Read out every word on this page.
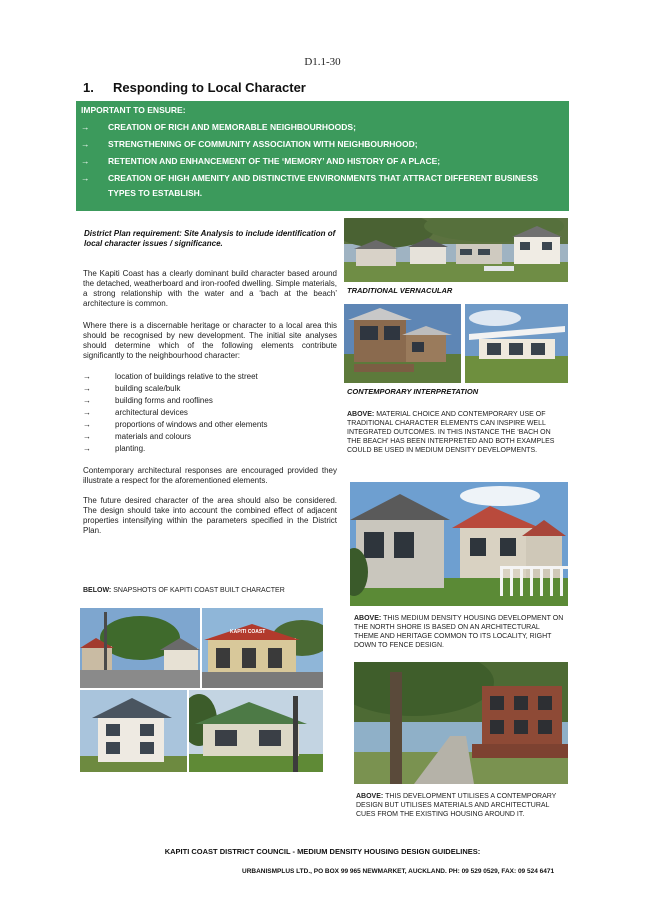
D1.1-30
1. Responding to Local Character
IMPORTANT TO ENSURE:
→ CREATION OF RICH AND MEMORABLE NEIGHBOURHOODS;
→ STRENGTHENING OF COMMUNITY ASSOCIATION WITH NEIGHBOURHOOD;
→ RETENTION AND ENHANCEMENT OF THE ‘MEMORY’ AND HISTORY OF A PLACE;
→ CREATION OF HIGH AMENITY AND DISTINCTIVE ENVIRONMENTS THAT ATTRACT DIFFERENT BUSINESS TYPES TO ESTABLISH.
District Plan requirement: Site Analysis to include identification of local character issues / significance.
The Kapiti Coast has a clearly dominant build character based around the detached, weatherboard and iron-roofed dwelling. Simple materials, a strong relationship with the water and a ‘bach at the beach’ architecture is common.
Where there is a discernable heritage or character to a local area this should be recognised by new development. The initial site analyses should determine which of the following elements contribute significantly to the neighbourhood character:
→	location of buildings relative to the street
→	building scale/bulk
→	building forms and rooflines
→	architectural devices
→	proportions of windows and other elements
→	materials and colours
→	planting.
Contemporary architectural responses are encouraged provided they illustrate a respect for the aforementioned elements.
The future desired character of the area should also be considered. The design should take into account the combined effect of adjacent properties intensifying within the parameters specified in the District Plan.
BELOW: SNAPSHOTS OF KAPITI COAST BUILT CHARACTER
TRADITIONAL VERNACULAR
CONTEMPORARY INTERPRETATION
ABOVE: MATERIAL CHOICE AND CONTEMPORARY USE OF TRADITIONAL CHARACTER ELEMENTS CAN INSPIRE WELL INTEGRATED OUTCOMES. IN THIS INSTANCE THE ‘BACH ON THE BEACH’ HAS BEEN INTERPRETED AND BOTH EXAMPLES COULD BE USED IN MEDIUM DENSITY DEVELOPMENTS.
ABOVE: THIS MEDIUM DENSITY HOUSING DEVELOPMENT ON THE NORTH SHORE IS BASED ON AN ARCHITECTURAL THEME AND HERITAGE COMMON TO ITS LOCALITY, RIGHT DOWN TO FENCE DESIGN.
ABOVE: THIS DEVELOPMENT UTILISES A CONTEMPORARY DESIGN BUT UTILISES MATERIALS AND ARCHITECTURAL CUES FROM THE EXISTING HOUSING AROUND IT.
KAPITI COAST
KAPITI COAST DISTRICT COUNCIL - MEDIUM DENSITY HOUSING DESIGN GUIDELINES:
URBANISMPLUS LTD., PO BOX 99 965 NEWMARKET, AUCKLAND. PH: 09 529 0529, FAX: 09 524 6471
